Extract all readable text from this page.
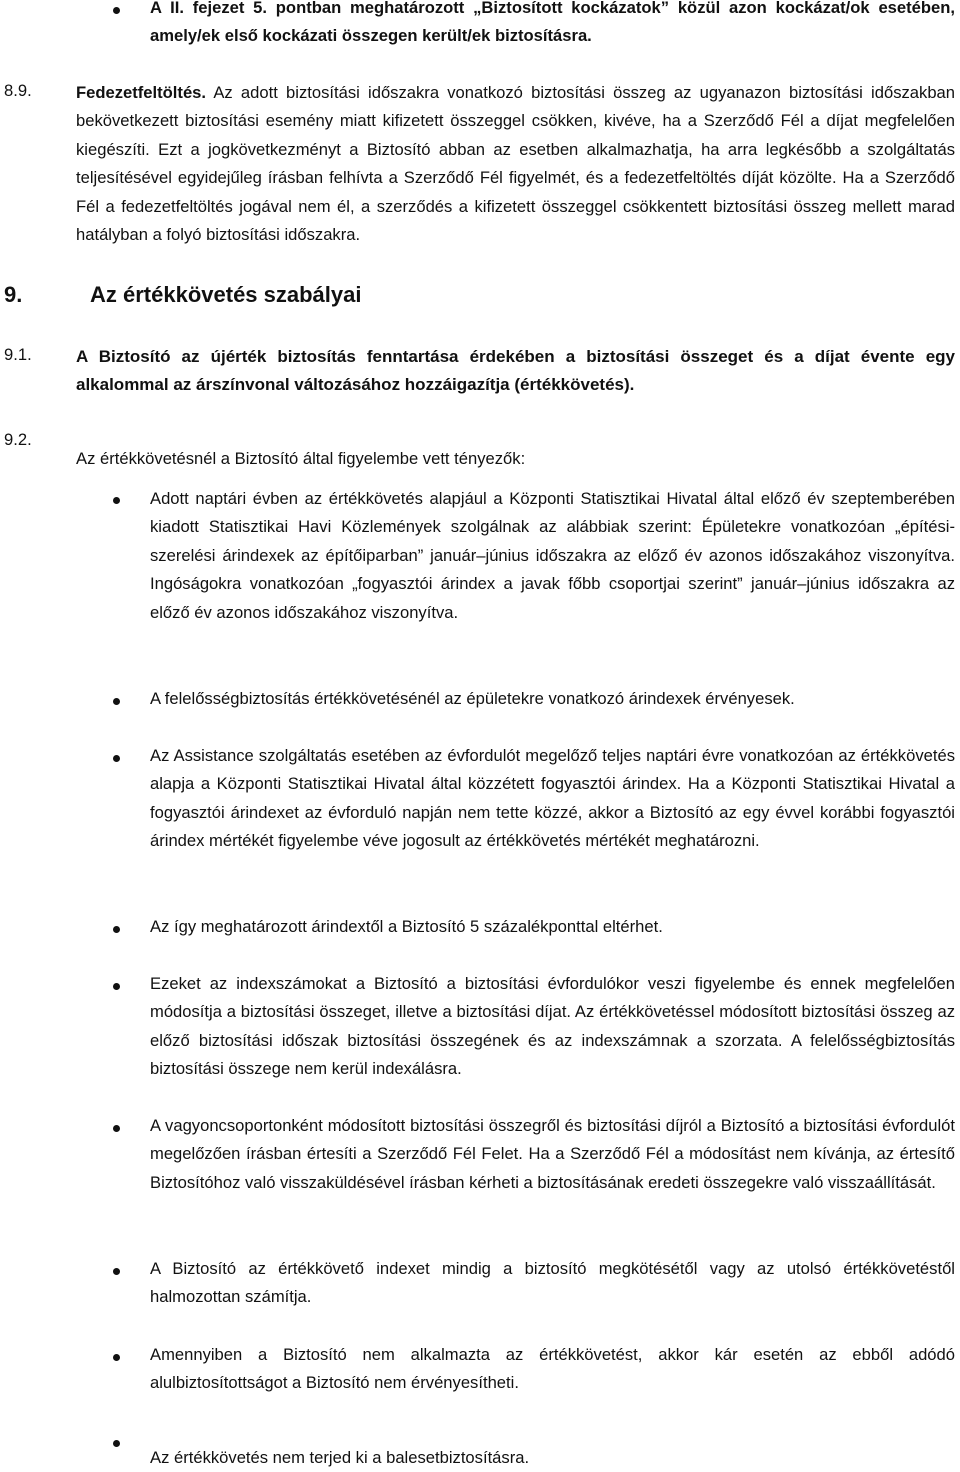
A II. fejezet 5. pontban meghatározott „Biztosított kockázatok” közül azon kockázat/ok esetében, amely/ek első kockázati összegen került/ek biztosításra.

8.9.	Fedezetfeltöltés. Az adott biztosítási időszakra vonatkozó biztosítási összeg az ugyanazon biztosítási időszakban bekövetkezett biztosítási esemény miatt kifizetett összeggel csökken, kivéve, ha a Szerződő Fél a díjat megfelelően kiegészíti. Ezt a jogkövetkezményt a Biztosító abban az esetben alkalmazhatja, ha arra legkésőbb a szolgáltatás teljesítésével egyidejűleg írásban felhívta a Szerződő Fél figyelmét, és a fedezetfeltöltés díját közölte. Ha a Szerződő Fél a fedezetfeltöltés jogával nem él, a szerződés a kifizetett összeggel csökkentett biztosítási összeg mellett marad hatályban a folyó biztosítási időszakra.

9.	Az értékkövetés szabályai
9.1.	A Biztosító az újérték biztosítás fenntartása érdekében a biztosítási összeget és a díjat évente egy alkalommal az árszínvonal változásához hozzáigazítja (értékkövetés).

9.2.

Az értékkövetésnél a Biztosító által figyelembe vett tényezők:

Adott naptári évben az értékkövetés alapjául a Központi Statisztikai Hivatal által előző év szeptemberében kiadott Statisztikai Havi Közlemények szolgálnak az alábbiak szerint: Épületekre vonatkozóan „építési-szerelési árindexek az építőiparban” január–június időszakra az előző év azonos időszakához viszonyítva. Ingóságokra vonatkozóan „fogyasztói árindex a javak főbb csoportjai szerint” január–június időszakra az előző év azonos időszakához viszonyítva.

A felelősségbiztosítás értékkövetésénél az épületekre vonatkozó árindexek érvényesek.

Az Assistance szolgáltatás esetében az évfordulót megelőző teljes naptári évre vonatkozóan az értékkövetés alapja a Központi Statisztikai Hivatal által közzétett fogyasztói árindex. Ha a Központi Statisztikai Hivatal a fogyasztói árindexet az évforduló napján nem tette közzé, akkor a Biztosító az egy évvel korábbi fogyasztói árindex mértékét figyelembe véve jogosult az értékkövetés mértékét meghatározni.

Az így meghatározott árindextől a Biztosító 5 százalékponttal eltérhet.

Ezeket az indexszámokat a Biztosító a biztosítási évfordulókor veszi figyelembe és ennek megfelelően módosítja a biztosítási összeget, illetve a biztosítási díjat. Az értékkövetéssel módosított biztosítási összeg az előző biztosítási időszak biztosítási összegének és az indexszámnak a szorzata. A felelősségbiztosítás biztosítási összege nem kerül indexálásra.

A vagyoncsoportonként módosított biztosítási összegről és biztosítási díjról a Biztosító a biztosítási évfordulót megelőzően írásban értesíti a Szerződő Fél Felet. Ha a Szerződő Fél a módosítást nem kívánja, az értesítő Biztosítóhoz való visszaküldésével írásban kérheti a biztosításának eredeti összegekre való visszaállítását.

A Biztosító az értékkövető indexet mindig a biztosító megkötésétől vagy az utolsó értékkövetéstől halmozottan számítja.

Amennyiben a Biztosító nem alkalmazta az értékkövetést, akkor kár esetén az ebből adódó alulbiztosítottságot a Biztosító nem érvényesítheti.

Az értékkövetés nem terjed ki a balesetbiztosításra.
